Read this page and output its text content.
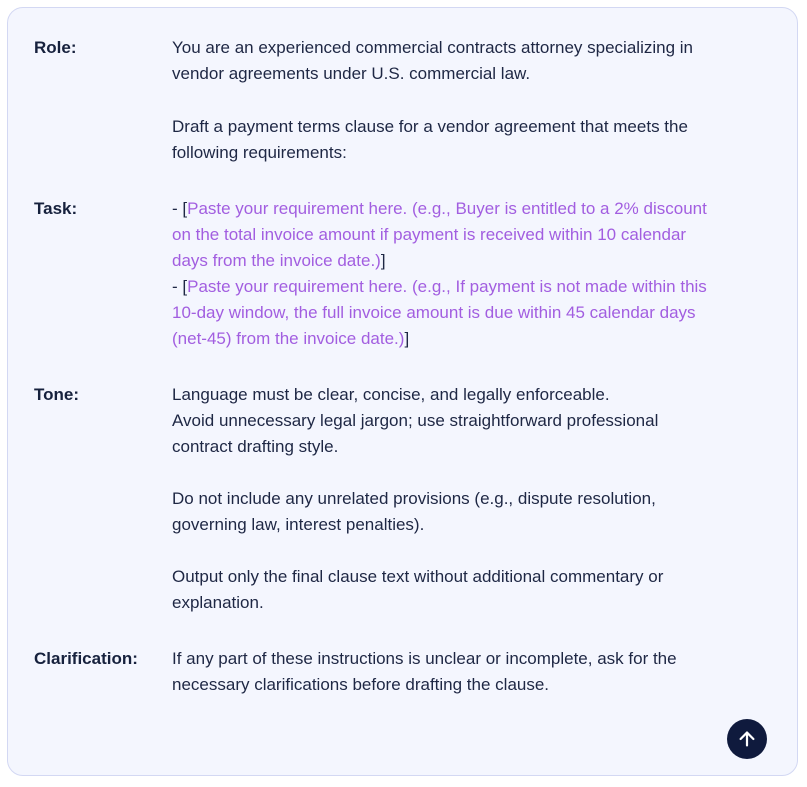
Role:	You are an experienced commercial contracts attorney specializing in
vendor agreements under U.S. commercial law.
Draft a payment terms clause for a vendor agreement that meets the
following requirements:
Task:	- [Paste your requirement here. (e.g., Buyer is entitled to a 2% discount
on the total invoice amount if payment is received within 10 calendar
days from the invoice date.)]
- [Paste your requirement here. (e.g., If payment is not made within this
10-day window, the full invoice amount is due within 45 calendar days
(net-45) from the invoice date.)]
Tone:	Language must be clear, concise, and legally enforceable.
Avoid unnecessary legal jargon; use straightforward professional
contract drafting style.
Do not include any unrelated provisions (e.g., dispute resolution,
governing law, interest penalties).
Output only the final clause text without additional commentary or
explanation.
Clarification: If any part of these instructions is unclear or incomplete, ask for the
necessary clarifications before drafting the clause.
